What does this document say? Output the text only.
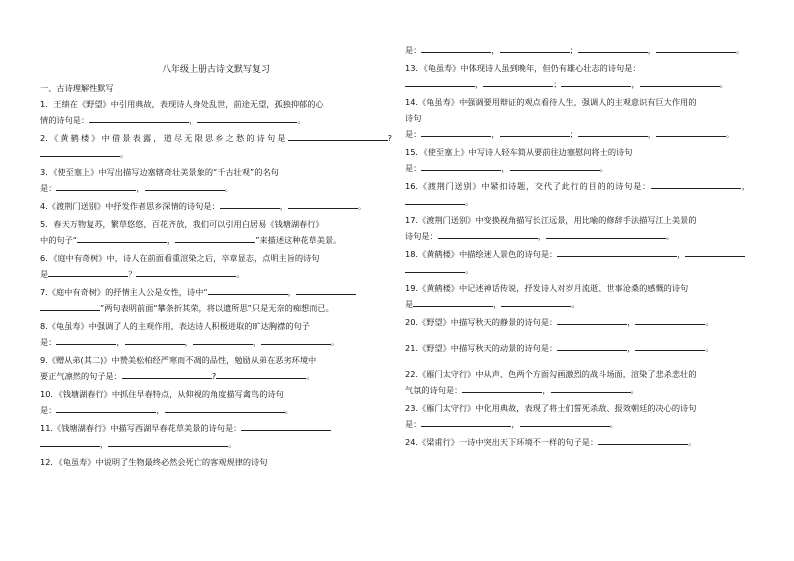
八年级上册古诗文默写复习
一、古诗理解性默写
1．王绩在《野望》中引用典故，表现诗人身处乱世，前途无望，孤独抑郁的心
情的诗句是：	，	。
2.《黄鹤楼》中借景表露，道尽无限思乡之愁的诗句是	?。
3．《使至塞上》中写出描写边塞辖奇壮美景象的“千古壮观”的名句
是：	，	。
4.《渡荆门送别》中抒发作者思乡深情的诗句是：	，	。
5．春天万物复苏，繁草悠悠，百花齐放，我们可以引用白居易《钱塘湖春行》
中的句子“	，	”来描述这种花草美景。
6．《庭中有奇树》中，诗人在前面看重渲染之后，卒章显志，点明主旨的诗句
是	？	。
7.《庭中有奇树》的抒情主人公是女性，诗中“	，
”两句表明前面“攀条折其荣，将以遗所思”只是无奈的痴想而已。
8.《龟虽寿》中强调了人的主观作用，表达诗人积极进取的旷达胸襟的句子
是：	，	，	，	。
9.《赠从弟(其二)》中赞美松柏经严寒而不凋的品性，勉励从弟在恶劣环境中
要正气凛然的句子是：	?	。
10．《钱塘湖春行》中抓住早春特点，从仰视的角度描写禽鸟的诗句
是：	，	。
11.《钱塘湖春行》中描写西湖早春花草美景的诗句是：
，	。
12．《龟虽寿》中说明了生物最终必然会死亡的客观规律的诗句
是：	，	；	，	。
13．《龟虽寿》中体现诗人虽到晚年，但仍有雄心壮志的诗句是：
，	；	，	。
14.《龟虽寿》中强调要用辩证的观点看待人生，强调人的主观意识有巨大作用的
诗句
是：	，	；	，	。
15．《使至塞上》中写诗人轻车简从要前往边塞慰问将士的诗句
是：	，	。
16.《渡荆门送别》中紧扣诗题，交代了此行的目的的诗句是：	，。
17.《渡荆门送别》中变换视角描写长江远景，用比喻的修辞手法描写江上美景的
诗句是：	，	。
18.《黄鹤楼》中描绘迷人景色的诗句是：	，
。
19.《黄鹤楼》中记述神话传说，抒发诗人对岁月流逝、世事沧桑的感慨的诗句
是	，	。
20.《野望》中描写秋天的静景的诗句是：	，	。
21.《野望》中描写秋天的动景的诗句是：	，	。
22.《雁门太守行》中从声、色两个方面勾画激烈的战斗场面，渲染了悲杀悲壮的
气氛的诗句是：	，	。
23.《雁门太守行》中化用典故，表现了将士们誓死杀敌、报效朝廷的决心的诗句
是：	，	。
24.《梁甫行》一诗中突出天下环境不一样的句子是：	。
